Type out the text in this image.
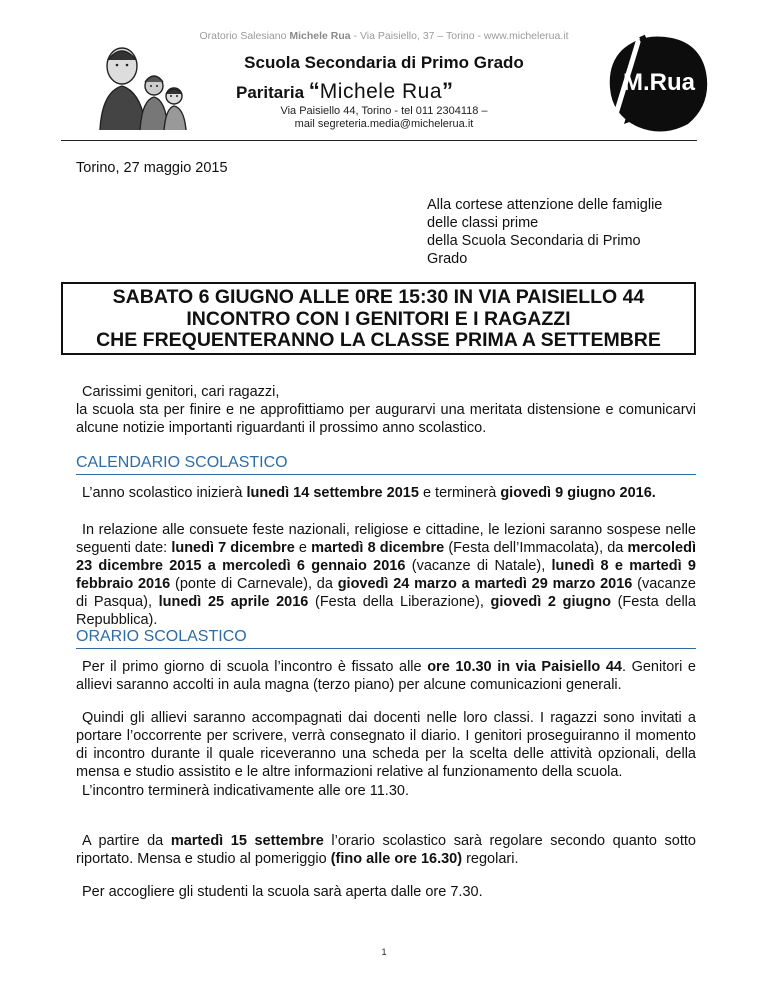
Oratorio Salesiano Michele Rua - Via Paisiello, 37 – Torino - www.michelerua.it
M.Rua
Scuola Secondaria di Primo Grado
Paritaria “Michele Rua”
Via Paisiello 44, Torino - tel 011 2304118 –
mail segreteria.media@michelerua.it
Torino, 27 maggio 2015
Alla cortese attenzione delle famiglie
delle classi prime
della Scuola Secondaria di Primo
Grado
SABATO 6 GIUGNO ALLE 0RE 15:30 IN VIA PAISIELLO 44
INCONTRO CON I GENITORI E I RAGAZZI
CHE FREQUENTERANNO LA CLASSE PRIMA A SETTEMBRE
Carissimi genitori, cari ragazzi,
la scuola sta per finire e ne approfittiamo per augurarvi una meritata distensione e comunicarvi alcune notizie importanti riguardanti il prossimo anno scolastico.
CALENDARIO SCOLASTICO
L’anno scolastico inizierà lunedì 14 settembre 2015 e terminerà giovedì 9 giugno 2016.
In relazione alle consuete feste nazionali, religiose e cittadine, le lezioni saranno sospese nelle seguenti date: lunedì 7 dicembre e martedì 8 dicembre (Festa dell’Immacolata), da mercoledì 23 dicembre 2015 a mercoledì 6 gennaio 2016 (vacanze di Natale), lunedì 8 e martedì 9 febbraio 2016 (ponte di Carnevale), da giovedì 24 marzo a martedì 29 marzo 2016 (vacanze di Pasqua), lunedì 25 aprile 2016 (Festa della Liberazione), giovedì 2 giugno (Festa della Repubblica).
ORARIO SCOLASTICO
Per il primo giorno di scuola l’incontro è fissato alle ore 10.30 in via Paisiello 44. Genitori e allievi saranno accolti in aula magna (terzo piano) per alcune comunicazioni generali.
Quindi gli allievi saranno accompagnati dai docenti nelle loro classi. I ragazzi sono invitati a portare l’occorrente per scrivere, verrà consegnato il diario. I genitori proseguiranno il momento di incontro durante il quale riceveranno una scheda per la scelta delle attività opzionali, della mensa e studio assistito e le altre informazioni relative al funzionamento della scuola.
L’incontro terminerà indicativamente alle ore 11.30.
A partire da martedì 15 settembre l’orario scolastico sarà regolare secondo quanto sotto riportato. Mensa e studio al pomeriggio (fino alle ore 16.30) regolari.
Per accogliere gli studenti la scuola sarà aperta dalle ore 7.30.
1
